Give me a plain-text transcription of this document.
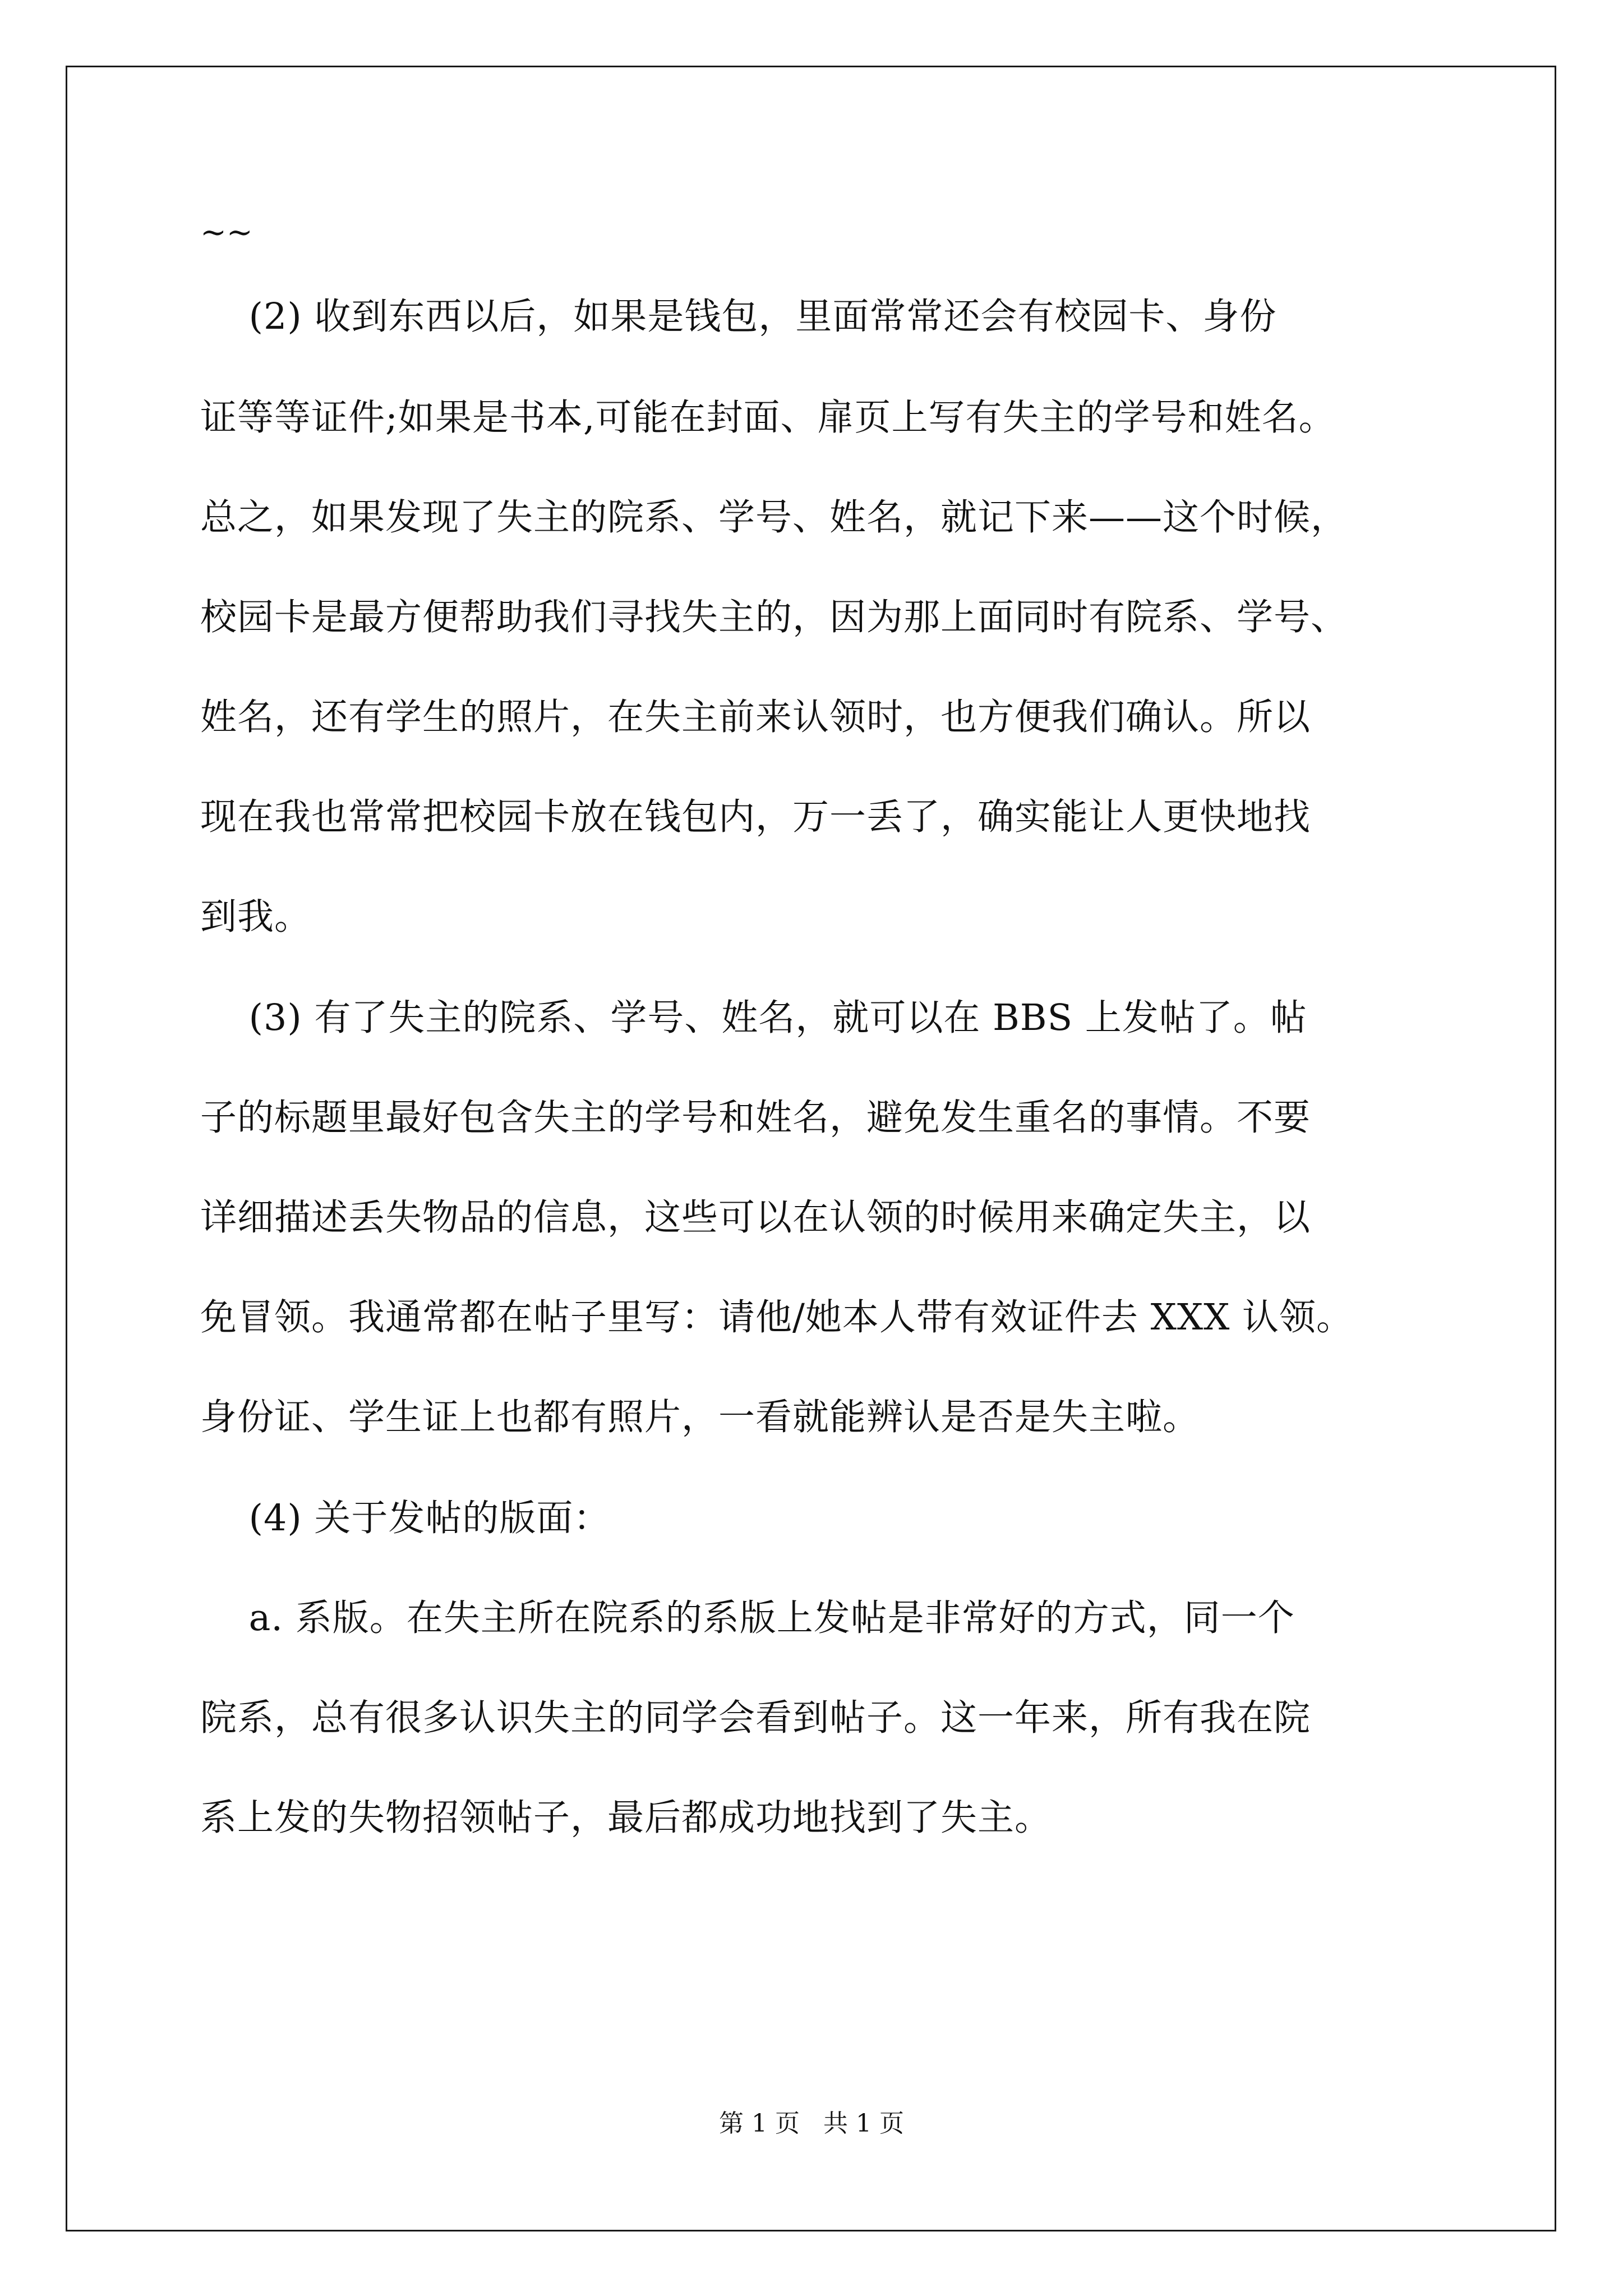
~~
(2) 收到东西以后，如果是钱包，里面常常还会有校园卡、身份
证等等证件;如果是书本,可能在封面、扉页上写有失主的学号和姓名。
总之，如果发现了失主的院系、学号、姓名，就记下来——这个时候，
校园卡是最方便帮助我们寻找失主的，因为那上面同时有院系、学号、
姓名，还有学生的照片，在失主前来认领时，也方便我们确认。所以
现在我也常常把校园卡放在钱包内，万一丢了，确实能让人更快地找
到我。
(3) 有了失主的院系、学号、姓名，就可以在 BBS 上发帖了。帖
子的标题里最好包含失主的学号和姓名，避免发生重名的事情。不要
详细描述丢失物品的信息，这些可以在认领的时候用来确定失主，以
免冒领。我通常都在帖子里写：请他/她本人带有效证件去 XXX 认领。
身份证、学生证上也都有照片，一看就能辨认是否是失主啦。
(4) 关于发帖的版面：
a. 系版。在失主所在院系的系版上发帖是非常好的方式，同一个
院系，总有很多认识失主的同学会看到帖子。这一年来，所有我在院
系上发的失物招领帖子，最后都成功地找到了失主。
第 1 页   共 1 页
